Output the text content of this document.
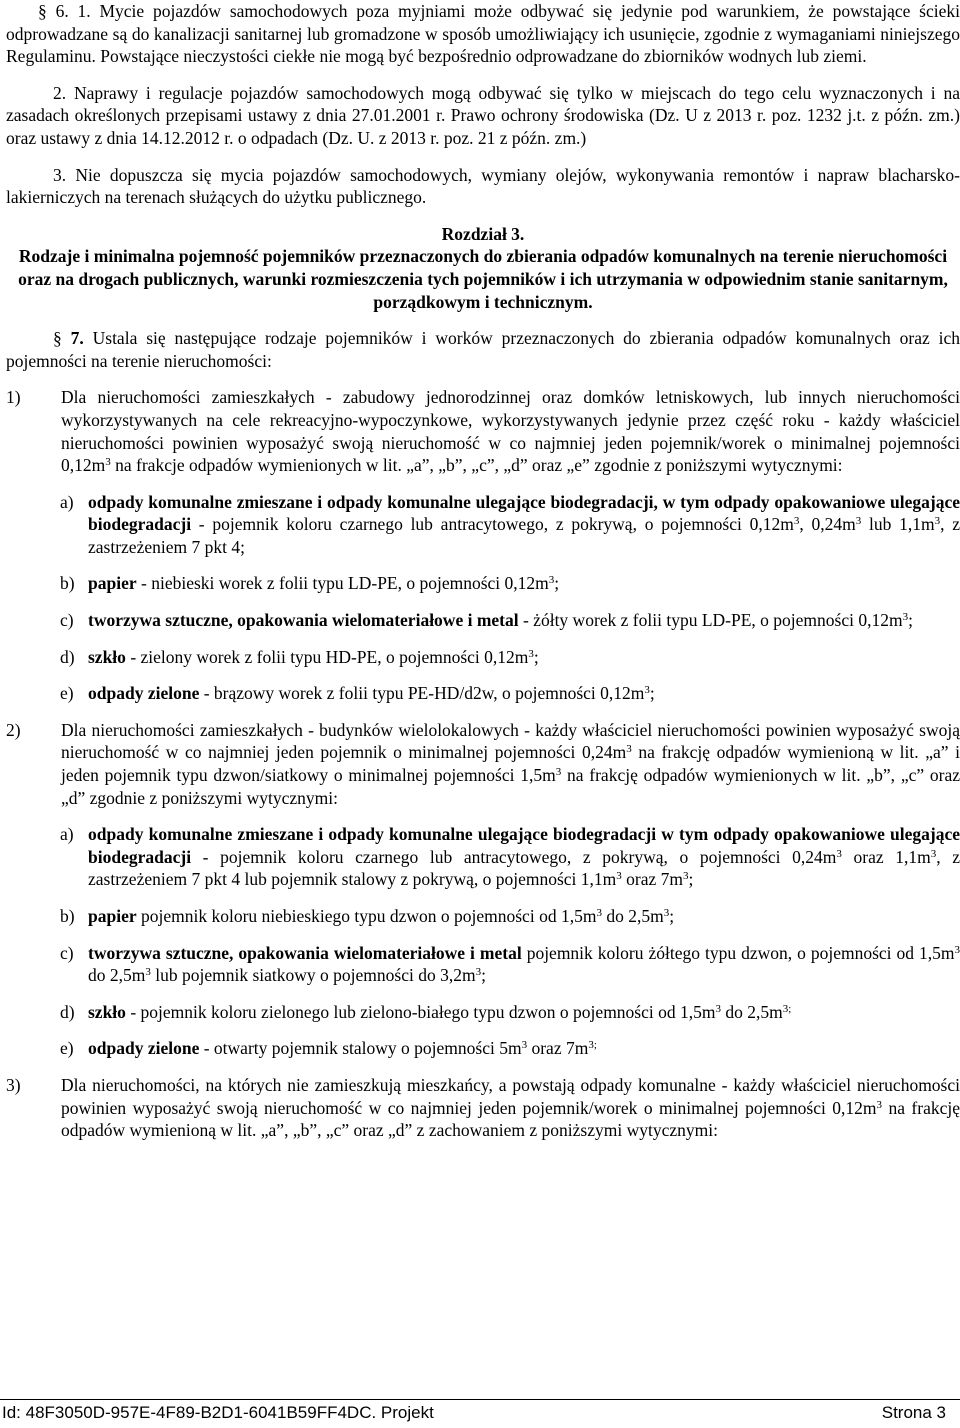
§ 6. 1. Mycie pojazdów samochodowych poza myjniami może odbywać się jedynie pod warunkiem, że powstające ścieki odprowadzane są do kanalizacji sanitarnej lub gromadzone w sposób umożliwiający ich usunięcie, zgodnie z wymaganiami niniejszego Regulaminu. Powstające nieczystości ciekłe nie mogą być bezpośrednio odprowadzane do zbiorników wodnych lub ziemi.

2. Naprawy i regulacje pojazdów samochodowych mogą odbywać się tylko w miejscach do tego celu wyznaczonych i na zasadach określonych przepisami ustawy z dnia 27.01.2001 r. Prawo ochrony środowiska (Dz. U z 2013 r. poz. 1232 j.t. z późn. zm.) oraz ustawy z dnia 14.12.2012 r. o odpadach (Dz. U. z 2013 r. poz. 21 z późn. zm.)

3. Nie dopuszcza się mycia pojazdów samochodowych, wymiany olejów, wykonywania remontów i napraw blacharsko-lakierniczych na terenach służących do użytku publicznego.

Rozdział 3.

Rodzaje i minimalna pojemność pojemników przeznaczonych do zbierania odpadów komunalnych na terenie nieruchomości oraz na drogach publicznych, warunki rozmieszczenia tych pojemników i ich utrzymania w odpowiednim stanie sanitarnym, porządkowym i technicznym.

§ 7. Ustala się następujące rodzaje pojemników i worków przeznaczonych do zbierania odpadów komunalnych oraz ich pojemności na terenie nieruchomości:

1)	Dla nieruchomości zamieszkałych - zabudowy jednorodzinnej oraz domków letniskowych, lub innych nieruchomości wykorzystywanych na cele rekreacyjno-wypoczynkowe, wykorzystywanych jedynie przez część roku - każdy właściciel nieruchomości powinien wyposażyć swoją nieruchomość w co najmniej jeden pojemnik/worek o minimalnej pojemności $0,12m^3$ na frakcje odpadów wymienionych w lit. „a”, „b”, „c”, „d” oraz „e” zgodnie z poniższymi wytycznymi:
a) odpady komunalne zmieszane i odpady komunalne ulegające biodegradacji, w tym odpady opakowaniowe ulegające biodegradacji - pojemnik koloru czarnego lub antracytowego, z pokrywą, o pojemności $0,12m^3$, $0,24m^3$ lub $1,1m^3$, z zastrzeżeniem 7 pkt 4;
b) papier - niebieski worek z folii typu LD-PE, o pojemności $0,12m^3$;
c) tworzywa sztuczne, opakowania wielomateriałowe i metal - żółty worek z folii typu LD-PE, o pojemności $0,12m^3$;
d) szkło - zielony worek z folii typu HD-PE, o pojemności $0,12m^3$;
e) odpady zielone - brązowy worek z folii typu PE-HD/d2w, o pojemności $0,12m^3$;
2)	Dla nieruchomości zamieszkałych - budynków wielolokalowych - każdy właściciel nieruchomości powinien wyposażyć swoją nieruchomość w co najmniej jeden pojemnik o minimalnej pojemności $0,24m^3$ na frakcję odpadów wymienioną w lit. „a” i jeden pojemnik typu dzwon/siatkowy o minimalnej pojemności $1,5m^3$ na frakcję odpadów wymienionych w lit. „b”, „c” oraz „d” zgodnie z poniższymi wytycznymi:
a) odpady komunalne zmieszane i odpady komunalne ulegające biodegradacji w tym odpady opakowaniowe ulegające biodegradacji - pojemnik koloru czarnego lub antracytowego, z pokrywą, o pojemności $0,24m^3$ oraz $1,1m^3$, z zastrzeżeniem 7 pkt 4 lub pojemnik stalowy z pokrywą, o pojemności $1,1m^3$ oraz $7m^3$;
b) papier pojemnik koloru niebieskiego typu dzwon o pojemności od $1,5m^3$ do $2,5m^3$;
c) tworzywa sztuczne, opakowania wielomateriałowe i metal pojemnik koloru żółtego typu dzwon, o pojemności od $1,5m^3$ do $2,5m^3$ lub pojemnik siatkowy o pojemności do $3,2m^3$;
d) szkło - pojemnik koloru zielonego lub zielono-białego typu dzwon o pojemności od $1,5m^3$ do $2,5m^{3;}$
e) odpady zielone - otwarty pojemnik stalowy o pojemności $5m^3$ oraz $7m^{3;}$
3)	Dla nieruchomości, na których nie zamieszkują mieszkańcy, a powstają odpady komunalne - każdy właściciel nieruchomości powinien wyposażyć swoją nieruchomość w co najmniej jeden pojemnik/worek o minimalnej pojemności $0,12m^3$ na frakcję odpadów wymienioną w lit. „a”, „b”, „c” oraz „d” z zachowaniem z poniższymi wytycznymi:
Id: 48F3050D-957E-4F89-B2D1-6041B59FF4DC. Projekt	Strona 3
